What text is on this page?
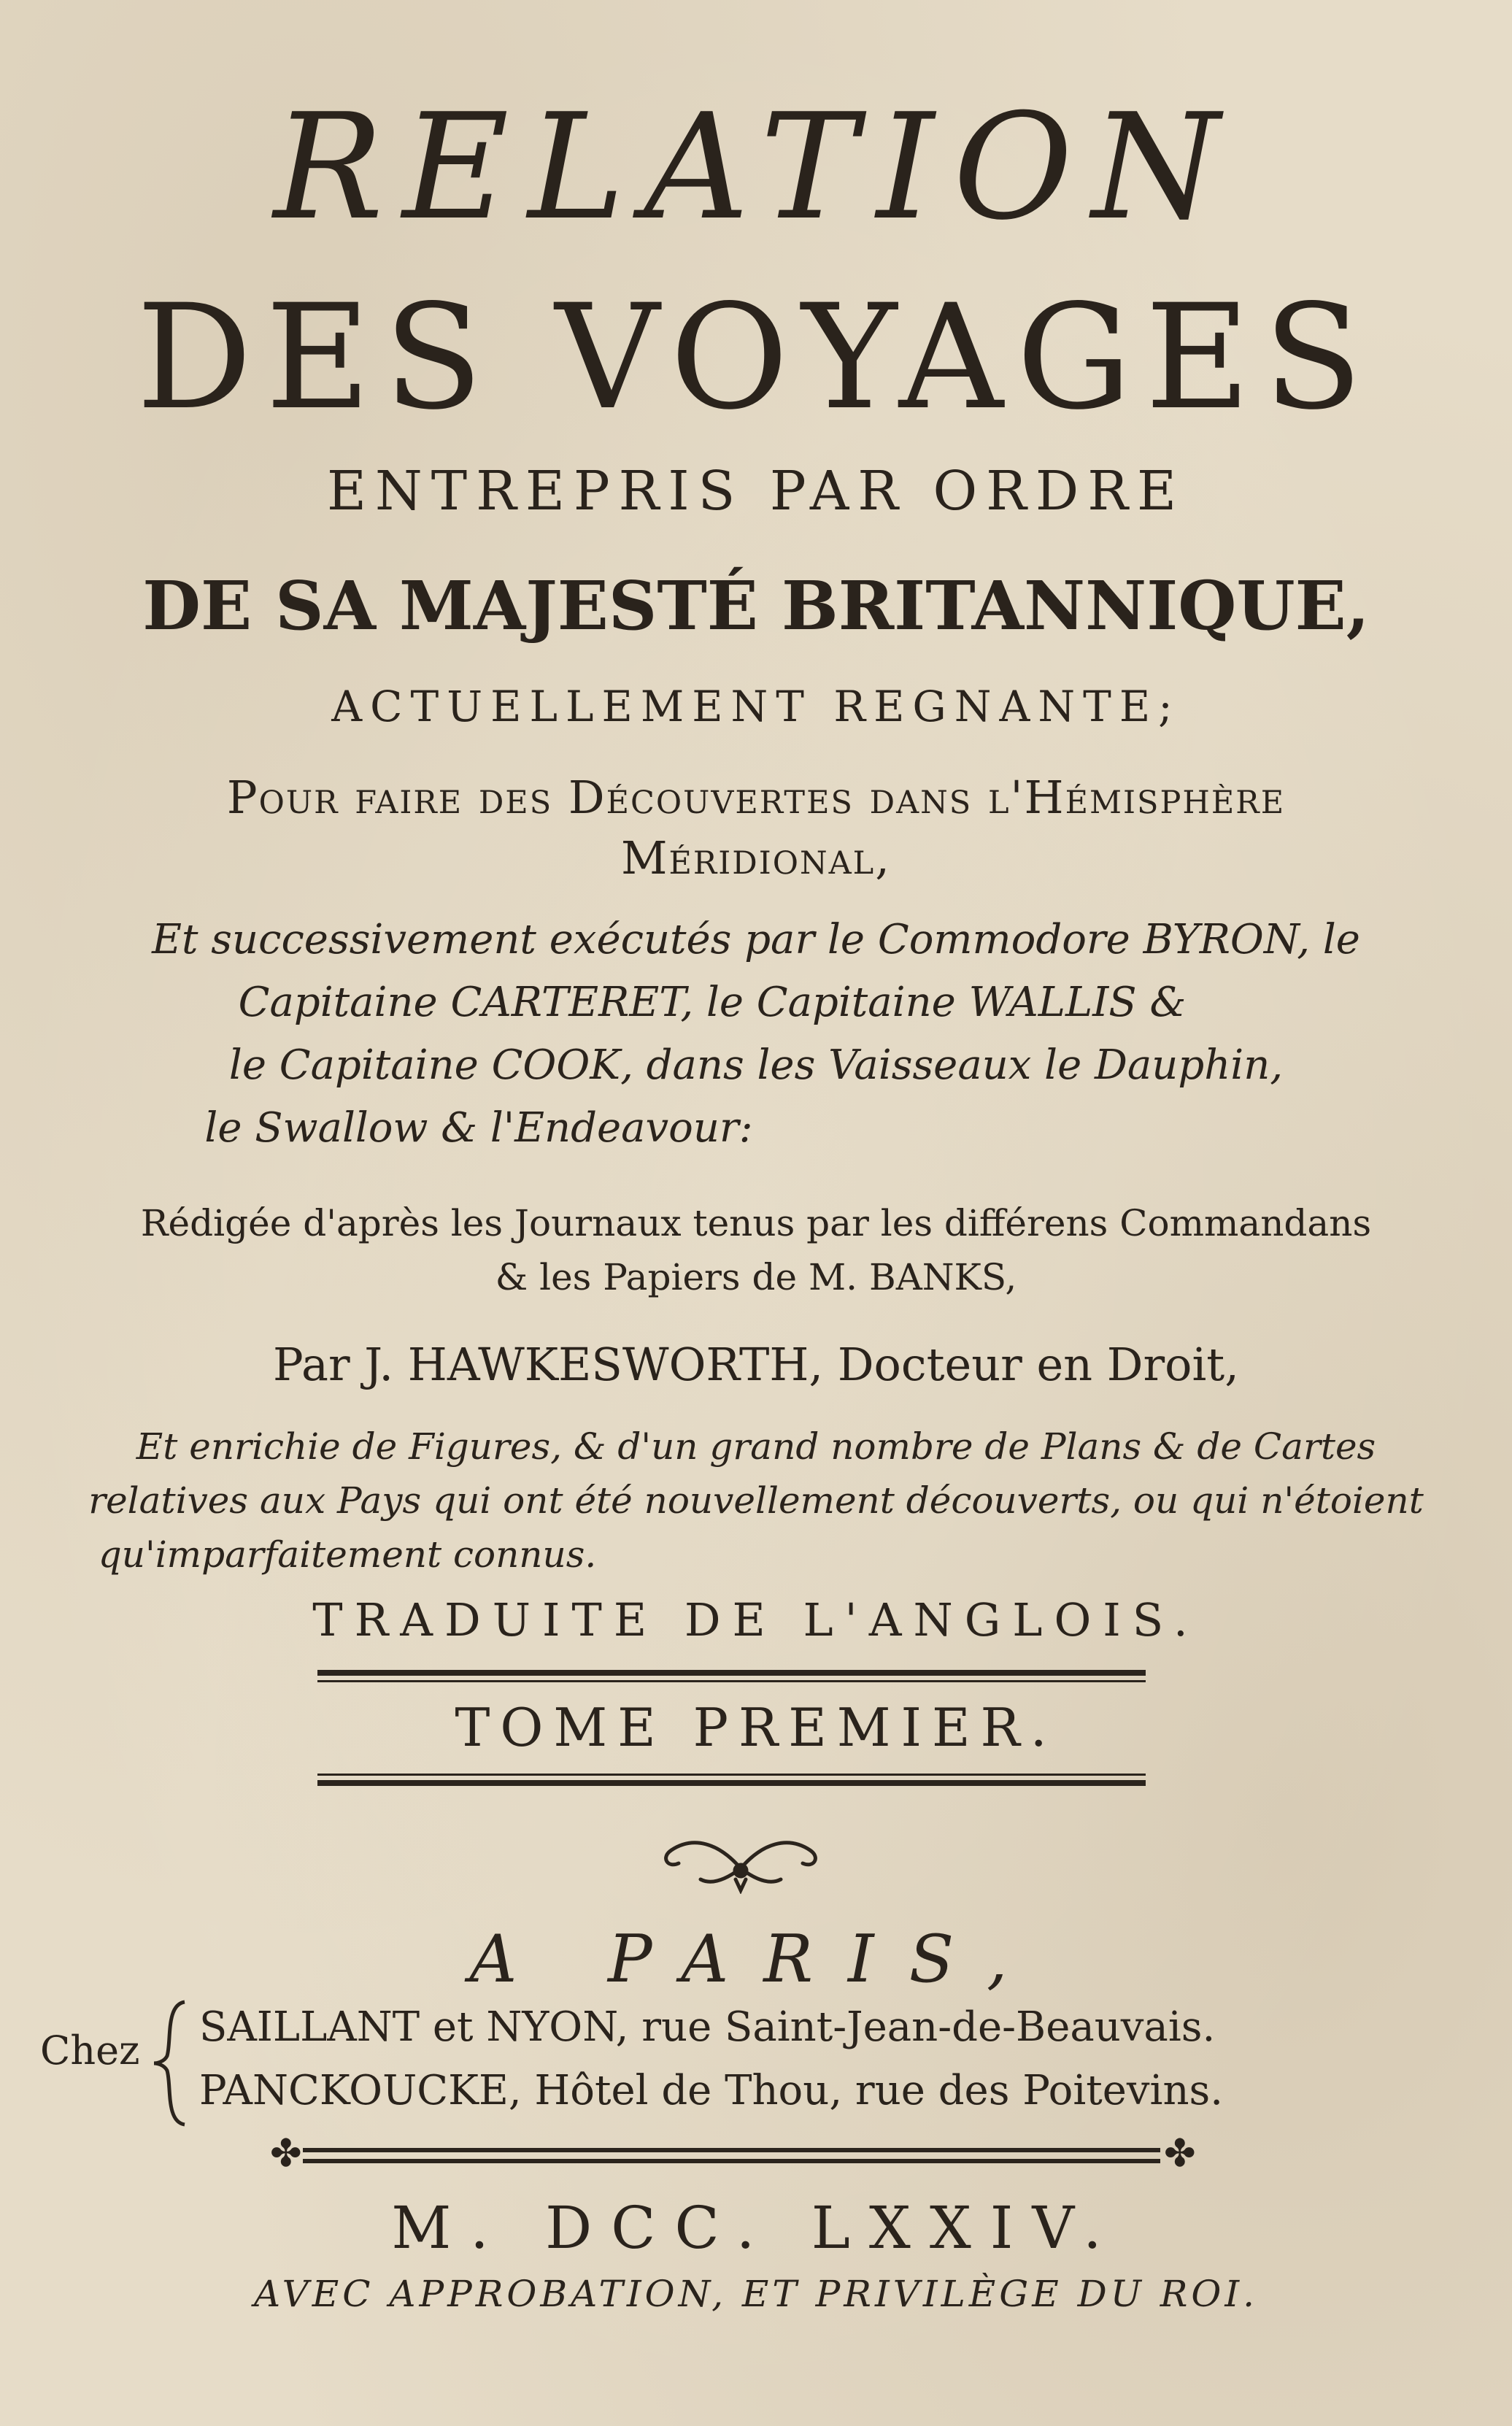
RELATION
DES VOYAGES
ENTREPRIS PAR ORDRE
DE SA MAJESTÉ BRITANNIQUE,
ACTUELLEMENT REGNANTE;
Pour faire des Découvertes dans l'Hémisphère
Méridional,
Et successivement exécutés par le Commodore BYRON, le
Capitaine CARTERET, le Capitaine WALLIS &
le Capitaine COOK, dans les Vaisseaux le Dauphin,
le Swallow & l'Endeavour:
Rédigée d'après les Journaux tenus par les différens Commandans
& les Papiers de M. BANKS,
Par J. HAWKESWORTH, Docteur en Droit,
Et enrichie de Figures, & d'un grand nombre de Plans & de Cartes
relatives aux Pays qui ont été nouvellement découverts, ou qui n'étoient
qu'imparfaitement connus.
TRADUITE DE L'ANGLOIS.
TOME PREMIER.
A PARIS,
Chez SAILLANT et NYON, rue Saint-Jean-de-Beauvais.
PANCKOUCKE, Hôtel de Thou, rue des Poitevins.
✤	✤
M. DCC. LXXIV.
AVEC APPROBATION, ET PRIVILÈGE DU ROI.
